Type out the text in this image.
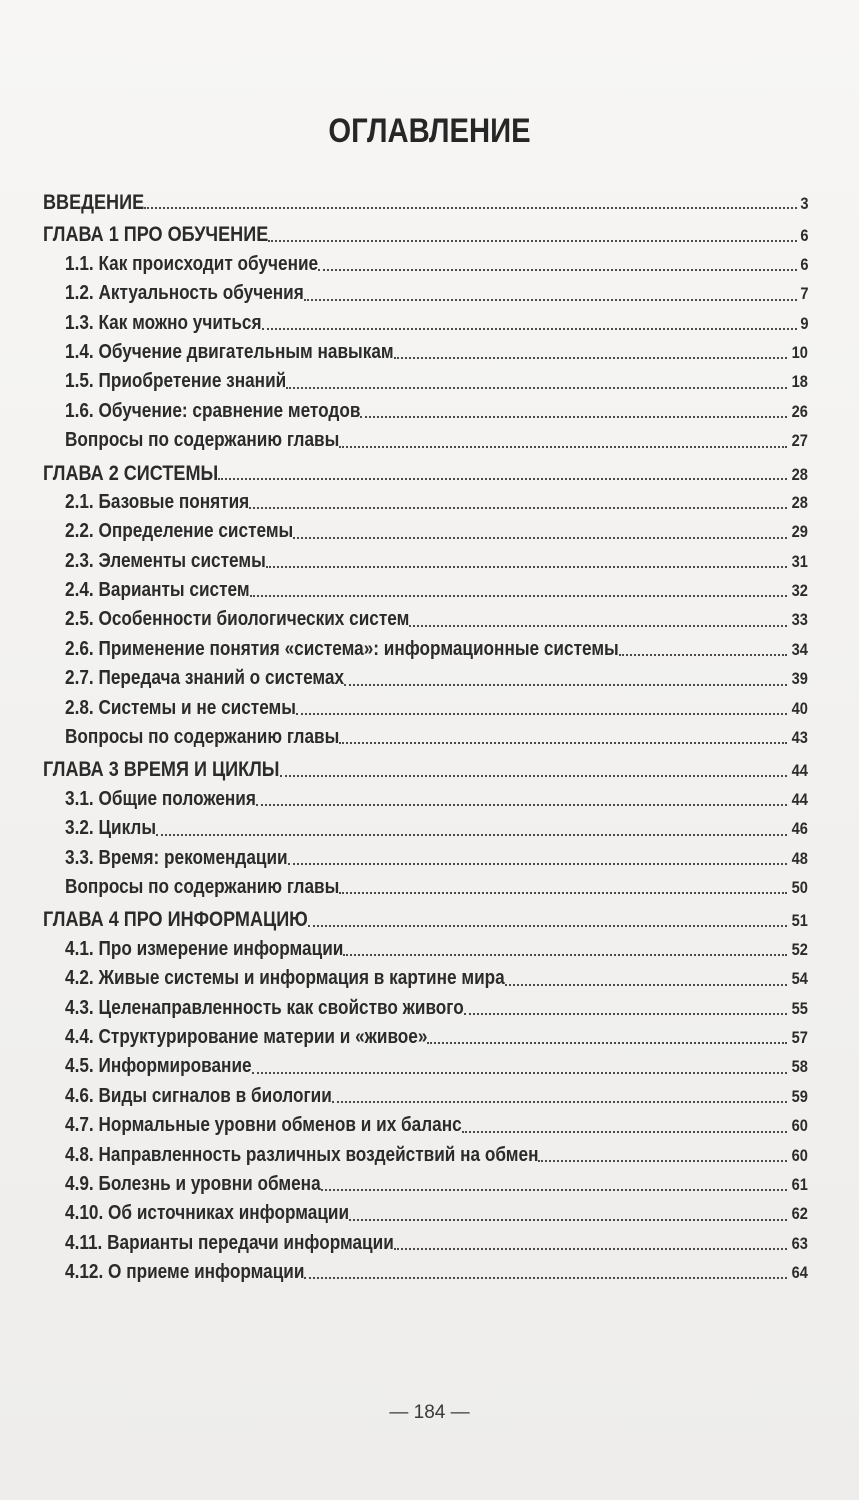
ОГЛАВЛЕНИЕ
ВВЕДЕНИЕ	3
ГЛАВА 1 ПРО ОБУЧЕНИЕ	6
1.1. Как происходит обучение	6
1.2. Актуальность обучения	7
1.3. Как можно учиться	9
1.4. Обучение двигательным навыкам	10
1.5. Приобретение знаний	18
1.6. Обучение: сравнение методов	26
Вопросы по содержанию главы	27
ГЛАВА 2 СИСТЕМЫ	28
2.1. Базовые понятия	28
2.2. Определение системы	29
2.3. Элементы системы	31
2.4. Варианты систем	32
2.5. Особенности биологических систем	33
2.6. Применение понятия «система»: информационные системы	34
2.7. Передача знаний о системах	39
2.8. Системы и не системы	40
Вопросы по содержанию главы	43
ГЛАВА 3 ВРЕМЯ И ЦИКЛЫ	44
3.1. Общие положения	44
3.2. Циклы	46
3.3. Время: рекомендации	48
Вопросы по содержанию главы	50
ГЛАВА 4 ПРО ИНФОРМАЦИЮ	51
4.1. Про измерение информации	52
4.2. Живые системы и информация в картине мира	54
4.3. Целенаправленность как свойство живого	55
4.4. Структурирование материи и «живое»	57
4.5. Информирование	58
4.6. Виды сигналов в биологии	59
4.7. Нормальные уровни обменов и их баланс	60
4.8. Направленность различных воздействий на обмен	60
4.9. Болезнь и уровни обмена	61
4.10. Об источниках информации	62
4.11. Варианты передачи информации	63
4.12. О приеме информации	64
— 184 —
